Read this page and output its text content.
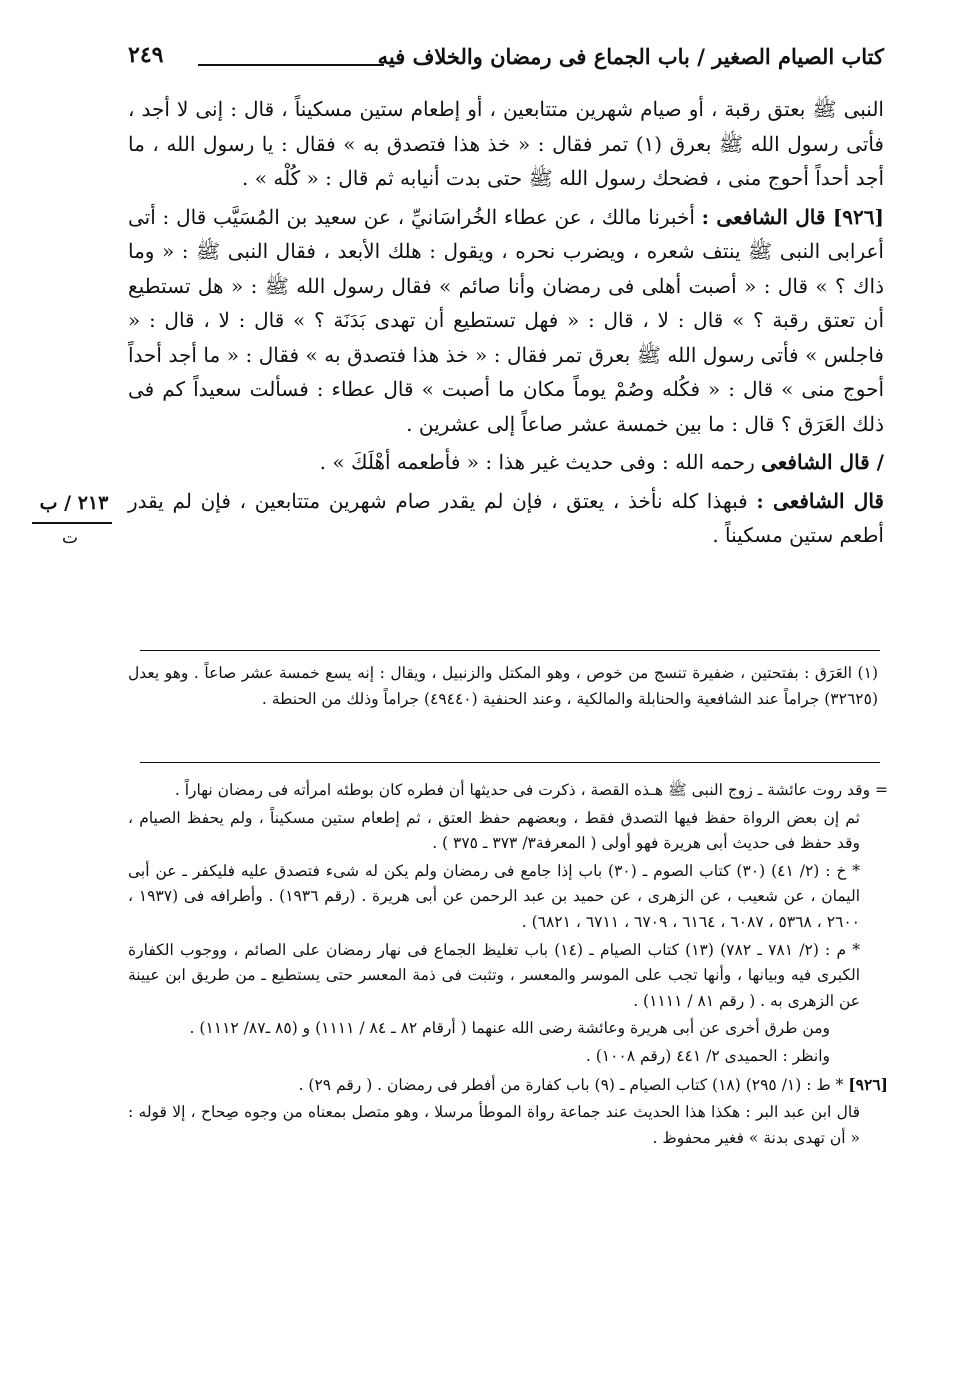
كتاب الصيام الصغير / باب الجماع فى رمضان والخلاف فيه
٢٤٩

النبى ﷺ بعتق رقبة ، أو صيام شهرين متتابعين ، أو إطعام ستين مسكيناً ، قال : إنى لا أجد ، فأتى رسول الله ﷺ بعرق (١) تمر فقال : « خذ هذا فتصدق به » فقال : يا رسول الله ، ما أجد أحداً أحوج منى ، فضحك رسول الله ﷺ حتى بدت أنيابه ثم قال : « كُلْه » .

[٩٢٦] قال الشافعى : أخبرنا مالك ، عن عطاء الخُراسَانيِّ ، عن سعيد بن المُسَيَّب قال : أتى أعرابى النبى ﷺ ينتف شعره ، ويضرب نحره ، ويقول : هلك الأبعد ، فقال النبى ﷺ : « وما ذاك ؟ » قال : « أصبت أهلى فى رمضان وأنا صائم » فقال رسول الله ﷺ : « هل تستطيع أن تعتق رقبة ؟ » قال : لا ، قال : « فهل تستطيع أن تهدى بَدَنَة ؟ » قال : لا ، قال : « فاجلس » فأتى رسول الله ﷺ بعرق تمر فقال : « خذ هذا فتصدق به » فقال : « ما أجد أحداً أحوج منى » قال : « فكُله وصُمْ يوماً مكان ما أصبت » قال عطاء : فسألت سعيداً كم فى ذلك العَرَق ؟ قال : ما بين خمسة عشر صاعاً إلى عشرين .

/ قال الشافعى رحمه الله : وفى حديث غير هذا : « فأطعمه أهْلَكَ » .

قال الشافعى : فبهذا كله نأخذ ، يعتق ، فإن لم يقدر صام شهرين متتابعين ، فإن لم يقدر أطعم ستين مسكيناً .

٢١٣ / ب
ت

(١) العَرَق : بفتحتين ، ضفيرة تنسج من خوص ، وهو المكتل والزنبيل ، ويقال : إنه يسع خمسة عشر صاعاً . وهو يعدل (٣٢٦٢٥) جراماً عند الشافعية والحنابلة والمالكية ، وعند الحنفية (٤٩٤٤٠) جراماً وذلك من الحنطة .

= وقد روت عائشة ـ زوج النبى ﷺ هـذه القصة ، ذكرت فى حديثها أن فطره كان بوطئه امرأته فى رمضان نهاراً .

ثم إن بعض الرواة حفظ فيها التصدق فقط ، وبعضهم حفظ العتق ، ثم إطعام ستين مسكيناً ، ولم يحفظ الصيام ، وقد حفظ فى حديث أبى هريرة فهو أولى ( المعرفة٣/ ٣٧٣ ـ ٣٧٥ ) .

* خ : (٢/ ٤١) (٣٠) كتاب الصوم ـ (٣٠) باب إذا جامع فى رمضان ولم يكن له شىء فتصدق عليه فليكفر ـ عن أبى اليمان ، عن شعيب ، عن الزهرى ، عن حميد بن عبد الرحمن عن أبى هريرة . (رقم ١٩٣٦) . وأطرافه فى (١٩٣٧ ، ٢٦٠٠ ، ٥٣٦٨ ، ٦٠٨٧ ، ٦١٦٤ ، ٦٧٠٩ ، ٦٧١١ ، ٦٨٢١) .

* م : (٢/ ٧٨١ ـ ٧٨٢) (١٣) كتاب الصيام ـ (١٤) باب تغليظ الجماع فى نهار رمضان على الصائم ، ووجوب الكفارة الكبرى فيه وبيانها ، وأنها تجب على الموسر والمعسر ، وتثبت فى ذمة المعسر حتى يستطيع ـ من طريق ابن عيينة عن الزهرى به . ( رقم ٨١ / ١١١١) .

ومن طرق أخرى عن أبى هريرة وعائشة رضى الله عنهما ( أرقام ٨٢ ـ ٨٤ / ١١١١) و (٨٥ ـ٨٧/ ١١١٢) .

وانظر : الحميدى ٢/ ٤٤١ (رقم ١٠٠٨) .

[٩٢٦] * ط : (١/ ٢٩٥) (١٨) كتاب الصيام ـ (٩) باب كفارة من أفطر فى رمضان . ( رقم ٢٩) .

قال ابن عبد البر : هكذا هذا الحديث عند جماعة رواة الموطأ مرسلا ، وهو متصل بمعناه من وجوه صِحاح ، إلا قوله : « أن تهدى بدنة » فغير محفوظ .
